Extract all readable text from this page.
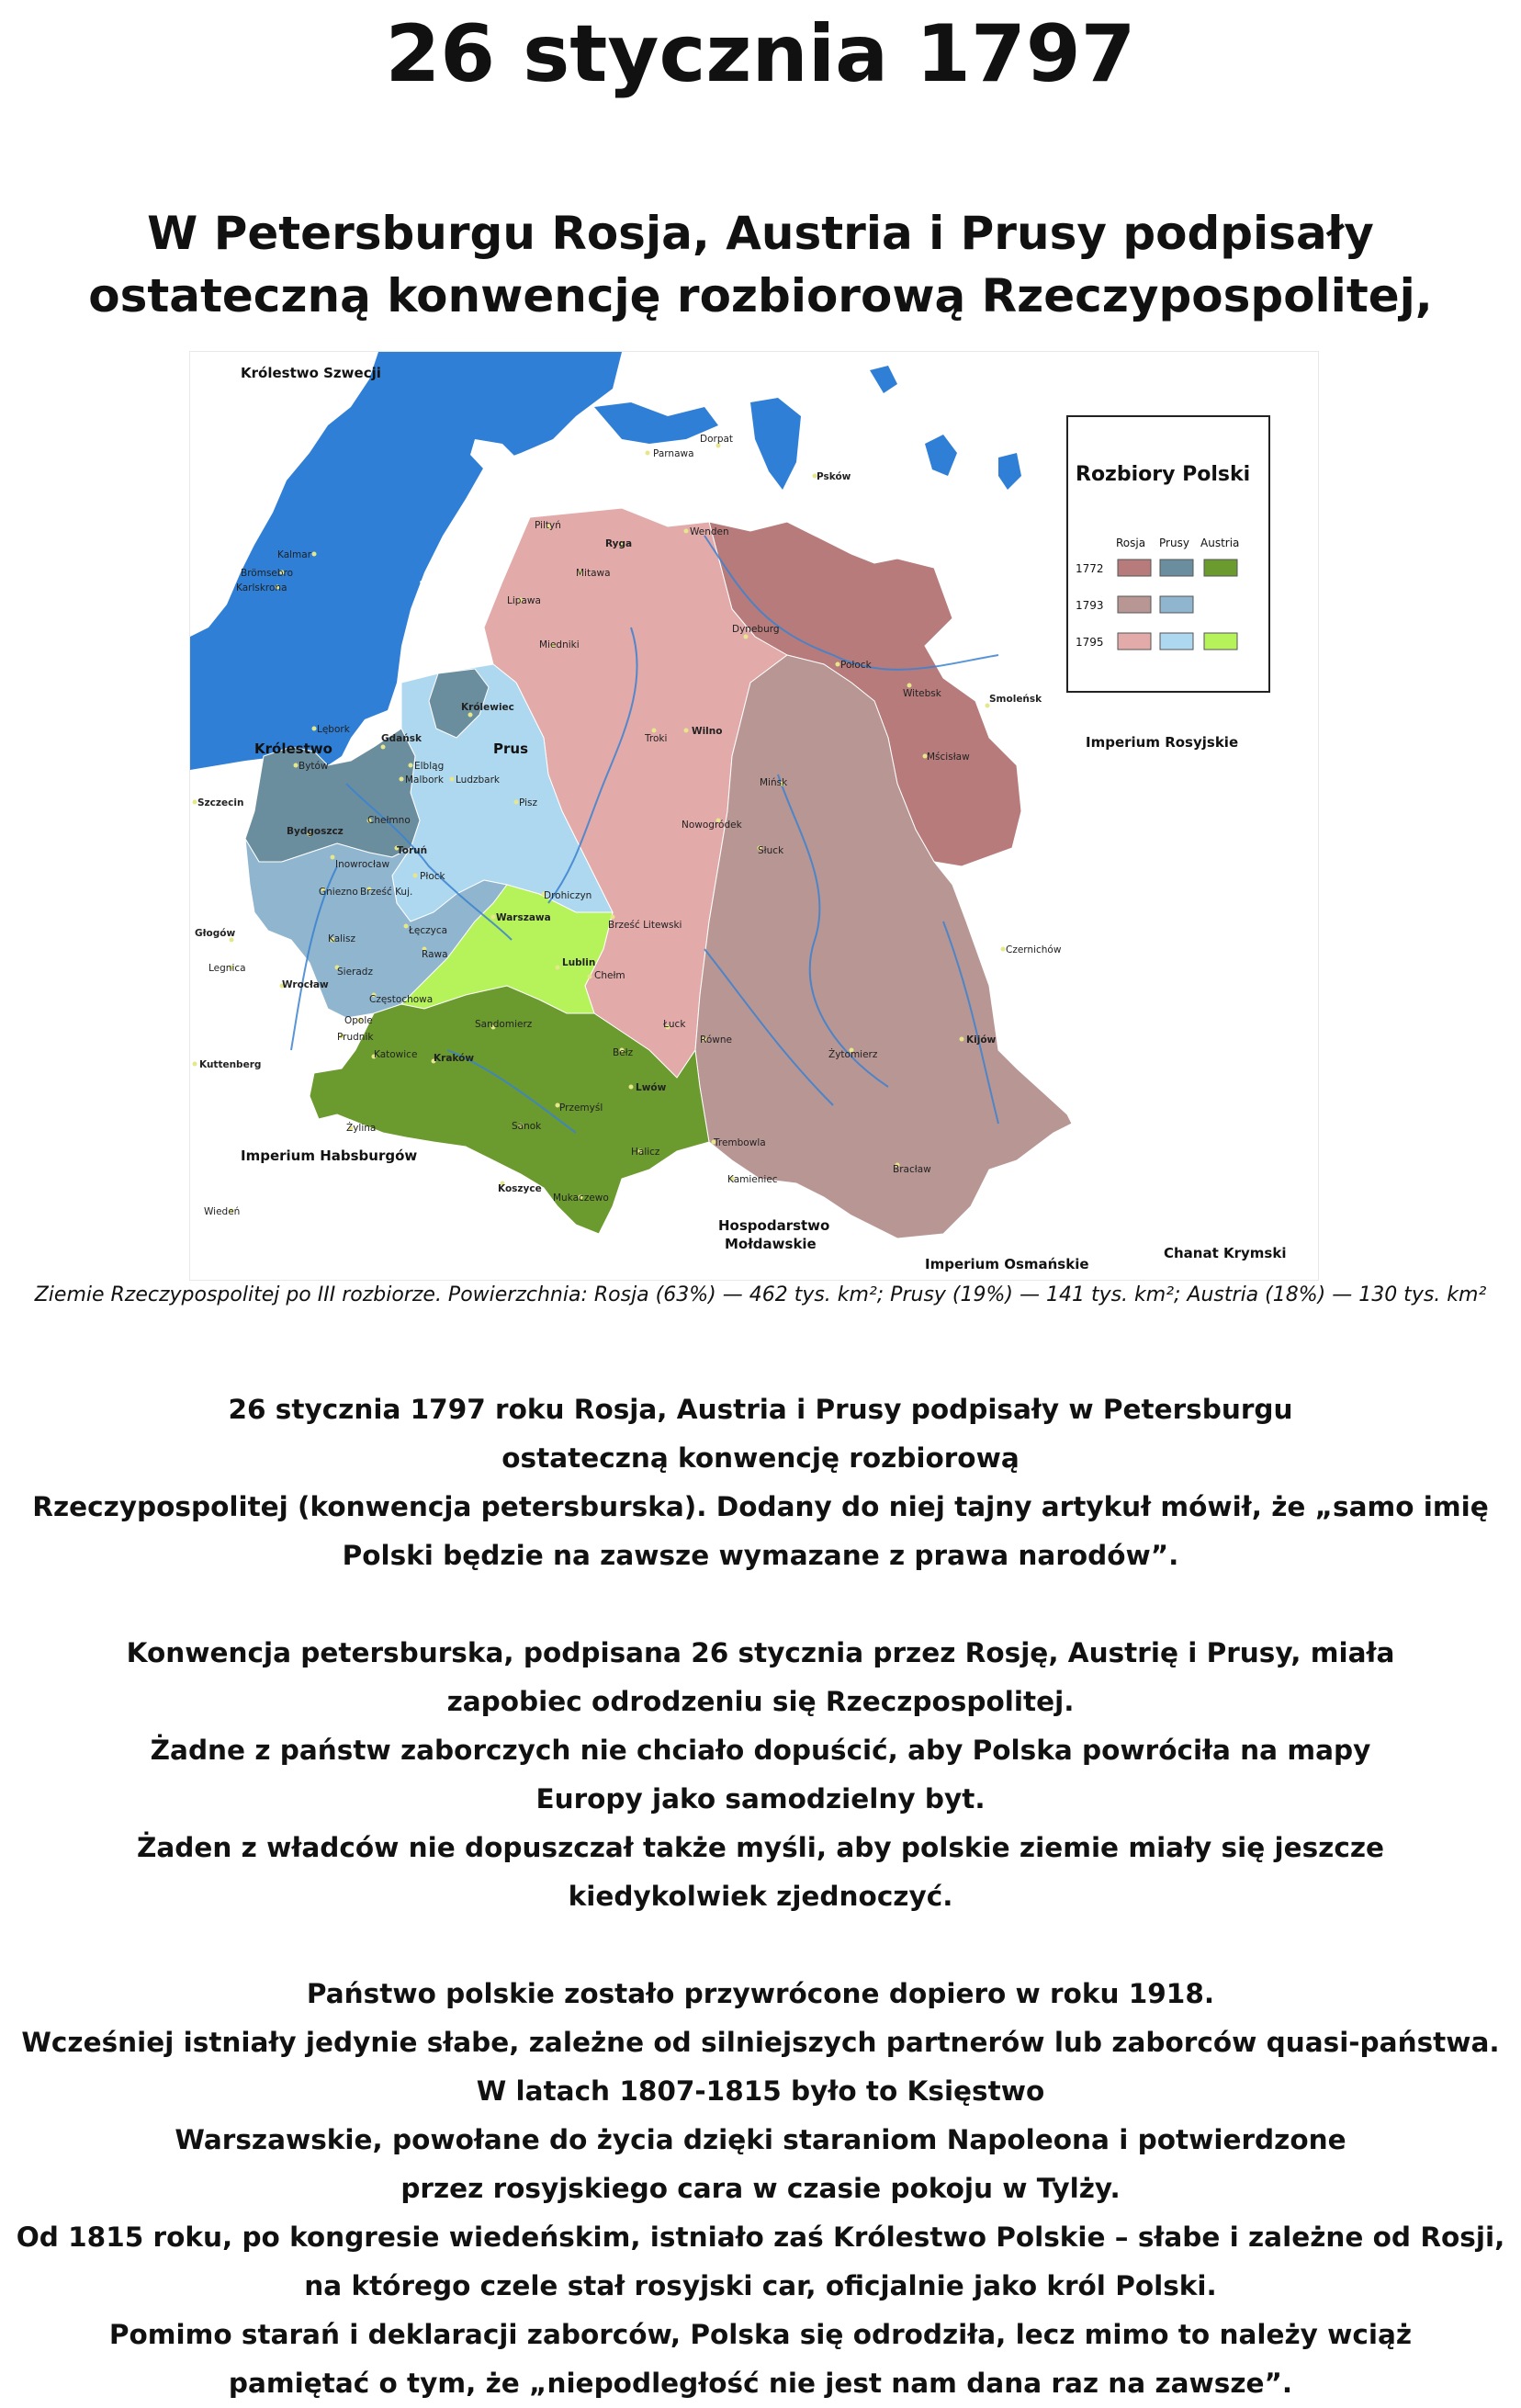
26 stycznia 1797
W Petersburgu Rosja, Austria i Prusy podpisały
ostateczną konwencję rozbiorową Rzeczypospolitej,
Królestwo Szwecji
Królestwo	Prus	Imperium Rosyjskie
Imperium Habsburgów
Hospodarstwo
Mołdawskie
Imperium Osmańskie
Chanat Krymski
Parnawa
Dorpat
Psków
Piltyń
Wenden
Ryga
Mitawa
Lipawa
Miedniki
Dyneburg
Połock
Witebsk	Smoleńsk
Mścisław
Kalmar
Brömsebro
Karlskrona
Królewiec
Lębork
Bytów
Gdańsk
Elbląg
Malbork Ludzbark
Troki
Wilno
Szczecin
Chełmno
Pisz
Mińsk
Bydgoszcz
Toruń
Nowogródek
Inowrocław
Płock
Słuck
Gniezno Brześć Kuj.	Drohiczyn
Warszawa
Brześć Litewski
Głogów	Kalisz
Łęczyca
Rawa	Czernichów
Legnica	Sieradz
Lublin
Chełm
Wrocław
Częstochowa
Opole	Sandomierz	Łuck
Kijów
Prudnik	Równe
Żytomierz
Kuttenberg
Katowice Kraków	Bełz
Lwów
Przemyśl
Żylina	Sanok
Trembowla
Halicz
Bracław
Kamieniec
Koszyce
Wiedeń
Mukaczewo
Rozbiory Polski
Rosja Prusy Austria
1772
1793
1795
Ziemie Rzeczypospolitej po III rozbiorze. Powierzchnia: Rosja (63%) — 462 tys. km²; Prusy (19%) — 141 tys. km²; Austria (18%) — 130 tys. km²

26 stycznia 1797 roku Rosja, Austria i Prusy podpisały w Petersburgu
ostateczną konwencję rozbiorową
Rzeczypospolitej (konwencja petersburska). Dodany do niej tajny artykuł mówił, że „samo imię
Polski będzie na zawsze wymazane z prawa narodów”.

Konwencja petersburska, podpisana 26 stycznia przez Rosję, Austrię i Prusy, miała
zapobiec odrodzeniu się Rzeczpospolitej.
Żadne z państw zaborczych nie chciało dopuścić, aby Polska powróciła na mapy
Europy jako samodzielny byt.
Żaden z władców nie dopuszczał także myśli, aby polskie ziemie miały się jeszcze
kiedykolwiek zjednoczyć.

Państwo polskie zostało przywrócone dopiero w roku 1918.
Wcześniej istniały jedynie słabe, zależne od silniejszych partnerów lub zaborców quasi-państwa.
W latach 1807-1815 było to Księstwo
Warszawskie, powołane do życia dzięki staraniom Napoleona i potwierdzone
przez rosyjskiego cara w czasie pokoju w Tylży.
Od 1815 roku, po kongresie wiedeńskim, istniało zaś Królestwo Polskie – słabe i zależne od Rosji,
na którego czele stał rosyjski car, oficjalnie jako król Polski.
Pomimo starań i deklaracji zaborców, Polska się odrodziła, lecz mimo to należy wciąż
pamiętać o tym, że „niepodległość nie jest nam dana raz na zawsze”.
